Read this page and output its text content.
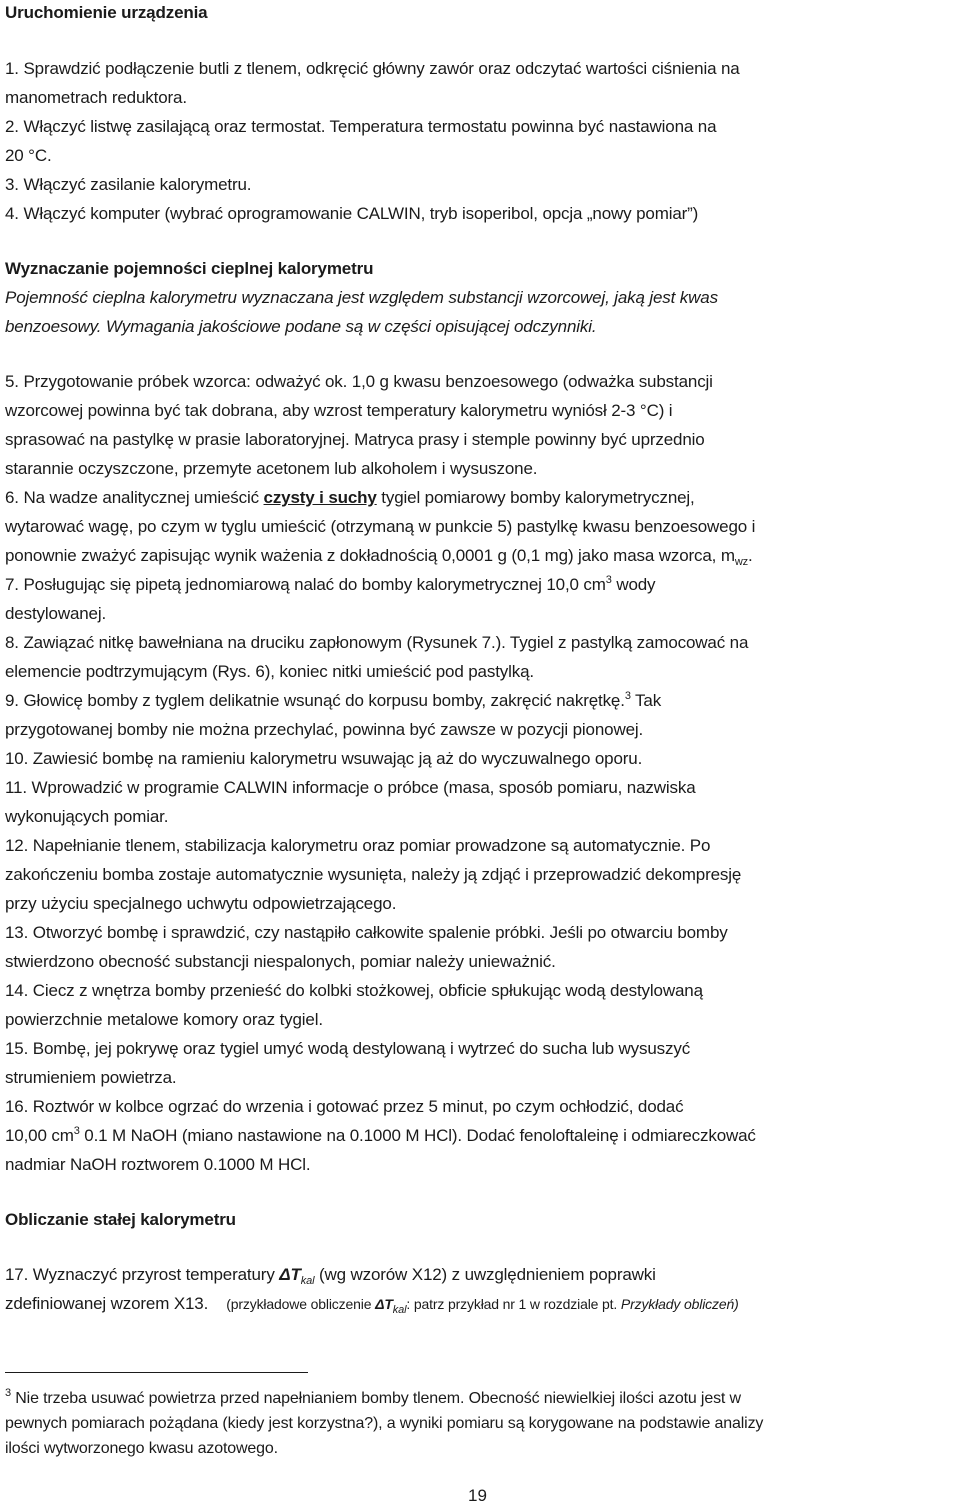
Uruchomienie urządzenia
1. Sprawdzić podłączenie butli z tlenem, odkręcić główny zawór oraz odczytać wartości ciśnienia na
manometrach reduktora.
2. Włączyć listwę zasilającą oraz termostat. Temperatura termostatu powinna być nastawiona na
20 °C.
3. Włączyć zasilanie kalorymetru.
4. Włączyć komputer (wybrać oprogramowanie CALWIN, tryb isoperibol, opcja „nowy pomiar”)
Wyznaczanie pojemności cieplnej kalorymetru
Pojemność cieplna kalorymetru wyznaczana jest względem substancji wzorcowej, jaką jest kwas
benzoesowy. Wymagania jakościowe podane są w części opisującej odczynniki.
5. Przygotowanie próbek wzorca: odważyć ok. 1,0 g kwasu benzoesowego (odważka substancji
wzorcowej powinna być tak dobrana, aby wzrost temperatury kalorymetru wyniósł 2-3 °C) i
sprasować na pastylkę w prasie laboratoryjnej. Matryca prasy i stemple powinny być uprzednio
starannie oczyszczone, przemyte acetonem lub alkoholem i wysuszone.
6. Na wadze analitycznej umieścić czysty i suchy tygiel pomiarowy bomby kalorymetrycznej,
wytarować wagę, po czym w tyglu umieścić (otrzymaną w punkcie 5) pastylkę kwasu benzoesowego i
ponownie zważyć zapisując wynik ważenia z dokładnością 0,0001 g (0,1 mg) jako masa wzorca, $m_{wz}$.
7. Posługując się pipetą jednomiarową nalać do bomby kalorymetrycznej 10,0 $cm^3$ wody
destylowanej.
8. Zawiązać nitkę bawełniana na druciku zapłonowym (Rysunek 7.). Tygiel z pastylką zamocować na
elemencie podtrzymującym (Rys. 6), koniec nitki umieścić pod pastylką.
9. Głowicę bomby z tyglem delikatnie wsunąć do korpusu bomby, zakręcić nakrętkę.$^3$ Tak
przygotowanej bomby nie można przechylać, powinna być zawsze w pozycji pionowej.
10. Zawiesić bombę na ramieniu kalorymetru wsuwając ją aż do wyczuwalnego oporu.
11. Wprowadzić w programie CALWIN informacje o próbce (masa, sposób pomiaru, nazwiska
wykonujących pomiar.
12. Napełnianie tlenem, stabilizacja kalorymetru oraz pomiar prowadzone są automatycznie. Po
zakończeniu bomba zostaje automatycznie wysunięta, należy ją zdjąć i przeprowadzić dekompresję
przy użyciu specjalnego uchwytu odpowietrzającego.
13. Otworzyć bombę i sprawdzić, czy nastąpiło całkowite spalenie próbki. Jeśli po otwarciu bomby
stwierdzono obecność substancji niespalonych, pomiar należy unieważnić.
14. Ciecz z wnętrza bomby przenieść do kolbki stożkowej, obficie spłukując wodą destylowaną
powierzchnie metalowe komory oraz tygiel.
15. Bombę, jej pokrywę oraz tygiel umyć wodą destylowaną i wytrzeć do sucha lub wysuszyć
strumieniem powietrza.
16. Roztwór w kolbce ogrzać do wrzenia i gotować przez 5 minut, po czym ochłodzić, dodać
10,00 $cm^3$ 0.1 M NaOH (miano nastawione na 0.1000 M HCl). Dodać fenoloftaleinę i odmiareczkować
nadmiar NaOH roztworem 0.1000 M HCl.
Obliczanie stałej kalorymetru
17. Wyznaczyć przyrost temperatury $\Delta T_{kal}$ (wg wzorów X12) z uwzględnieniem poprawki
zdefiniowanej wzorem X13. (przykładowe obliczenie $\Delta T_{kal}$: patrz przykład nr 1 w rozdziale pt. Przykłady obliczeń)
$^3$ Nie trzeba usuwać powietrza przed napełnianiem bomby tlenem. Obecność niewielkiej ilości azotu jest w
pewnych pomiarach pożądana (kiedy jest korzystna?), a wyniki pomiaru są korygowane na podstawie analizy
ilości wytworzonego kwasu azotowego.
19
